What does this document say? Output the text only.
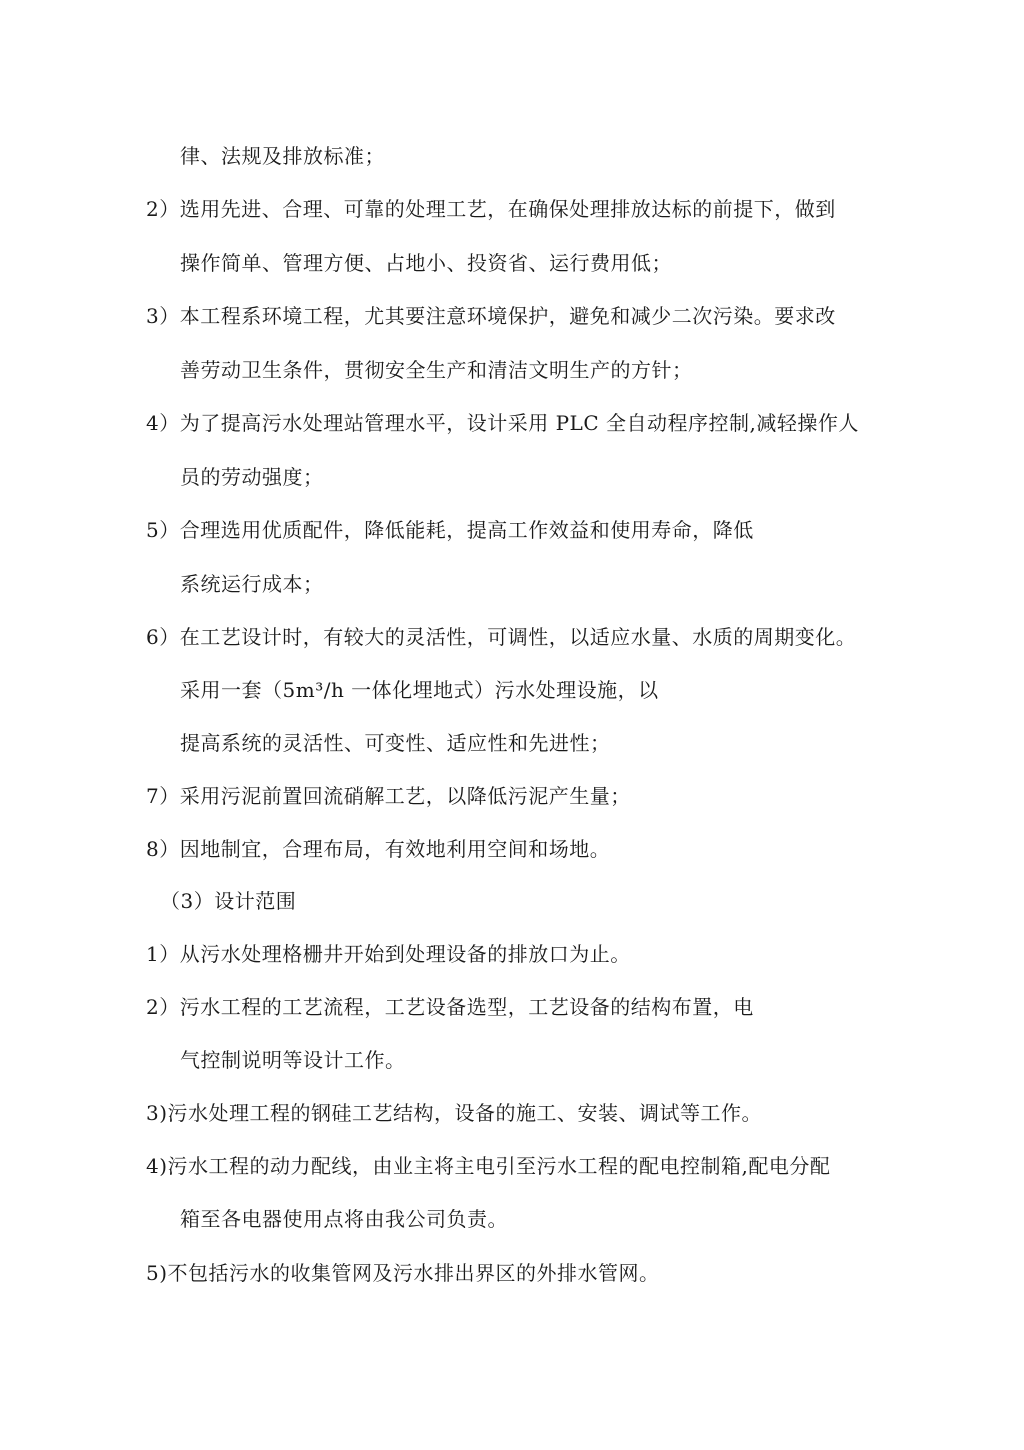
律、法规及排放标准；
2）选用先进、合理、可靠的处理工艺，在确保处理排放达标的前提下，做到
操作简单、管理方便、占地小、投资省、运行费用低；
3）本工程系环境工程，尤其要注意环境保护，避免和减少二次污染。要求改
善劳动卫生条件，贯彻安全生产和清洁文明生产的方针；
4）为了提高污水处理站管理水平，设计采用 PLC 全自动程序控制,减轻操作人
员的劳动强度；
5）合理选用优质配件，降低能耗，提高工作效益和使用寿命，降低
系统运行成本；
6）在工艺设计时，有较大的灵活性，可调性，以适应水量、水质的周期变化。
采用一套（5m³/h 一体化埋地式）污水处理设施，以
提高系统的灵活性、可变性、适应性和先进性；
7）采用污泥前置回流硝解工艺，以降低污泥产生量；
8）因地制宜，合理布局，有效地利用空间和场地。
（3）设计范围
1）从污水处理格栅井开始到处理设备的排放口为止。
2）污水工程的工艺流程，工艺设备选型，工艺设备的结构布置，电
气控制说明等设计工作。
3)污水处理工程的钢硅工艺结构，设备的施工、安装、调试等工作。
4)污水工程的动力配线，由业主将主电引至污水工程的配电控制箱,配电分配
箱至各电器使用点将由我公司负责。
5)不包括污水的收集管网及污水排出界区的外排水管网。
